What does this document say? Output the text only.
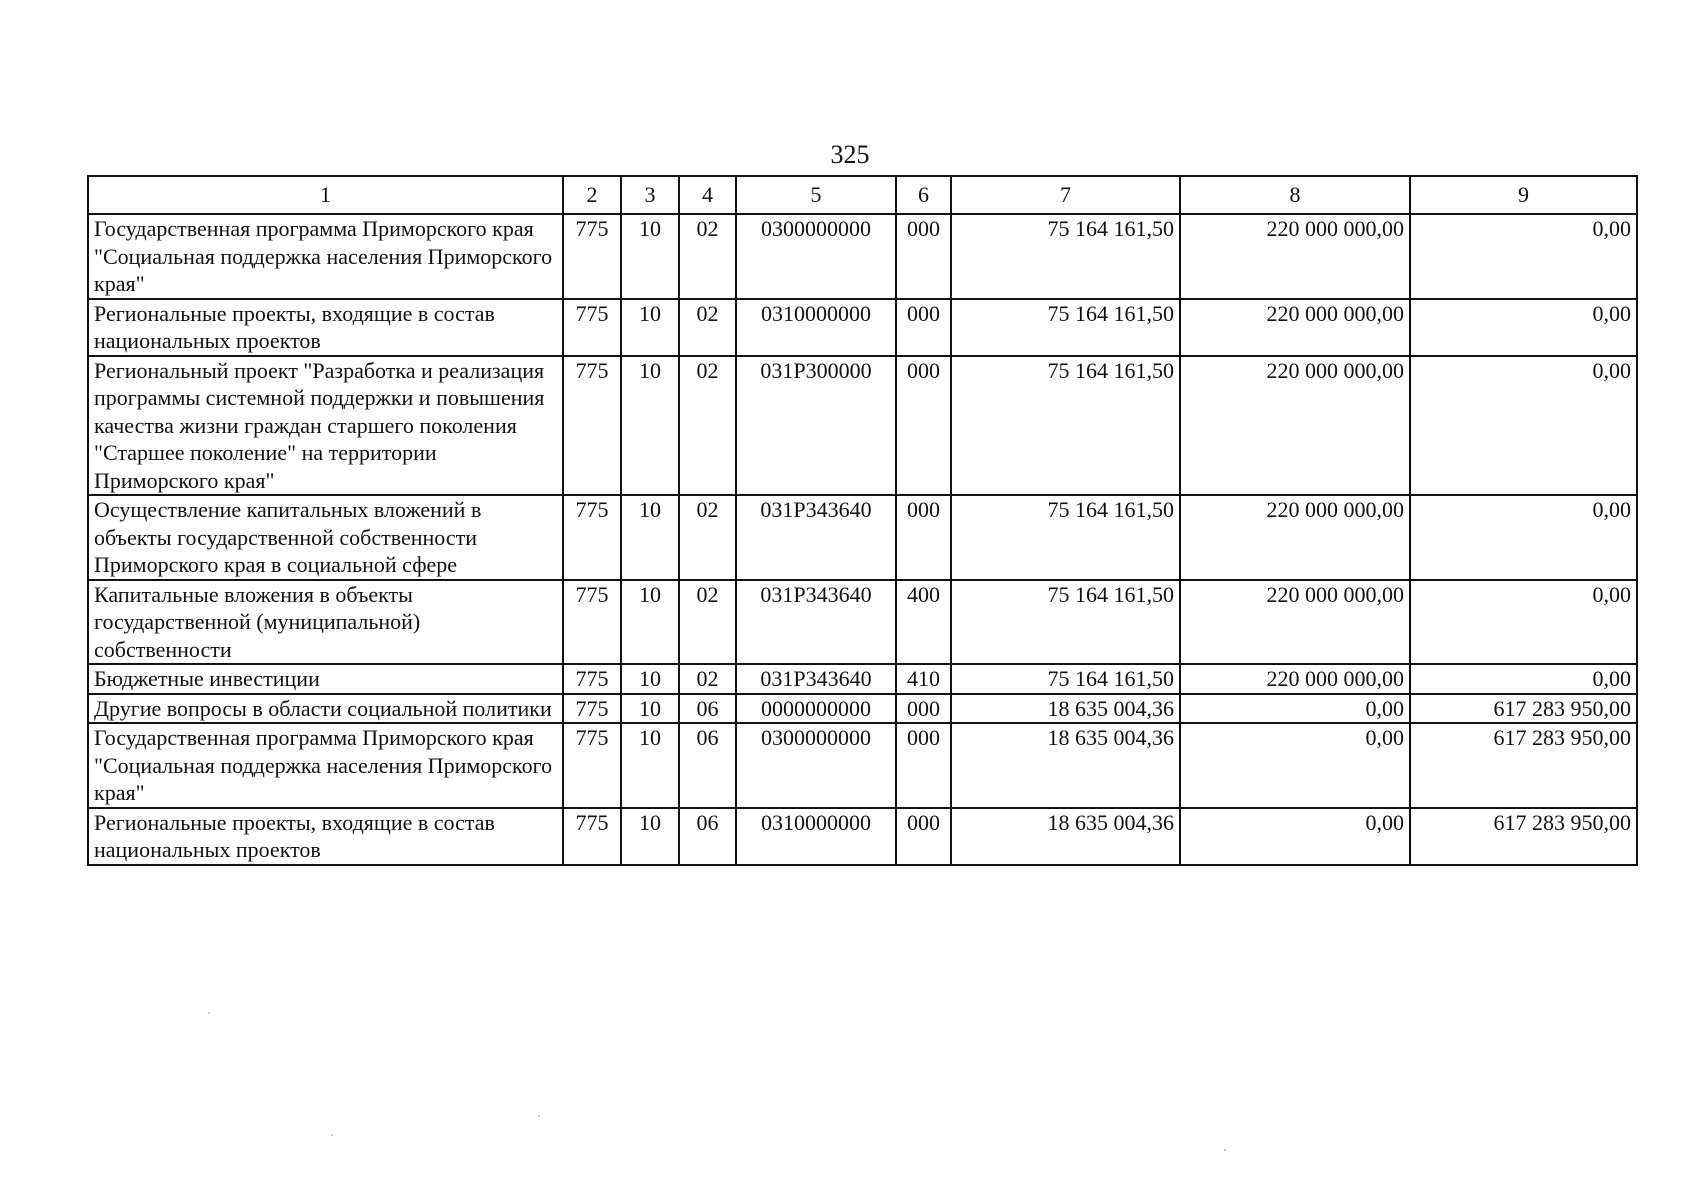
325
1	2	3	4	5	6	7	8	9
Государственная программа Приморского края "Социальная поддержка населения Приморского края"	775	10	02	0300000000	000	75 164 161,50	220 000 000,00	0,00
Региональные проекты, входящие в состав национальных проектов	775	10	02	0310000000	000	75 164 161,50	220 000 000,00	0,00
Региональный проект "Разработка и реализация программы системной поддержки и повышения качества жизни граждан старшего поколения "Старшее поколение" на территории Приморского края"	775	10	02	031P300000	000	75 164 161,50	220 000 000,00	0,00
Осуществление капитальных вложений в объекты государственной собственности Приморского края в социальной сфере	775	10	02	031P343640	000	75 164 161,50	220 000 000,00	0,00
Капитальные вложения в объекты государственной (муниципальной) собственности	775	10	02	031P343640	400	75 164 161,50	220 000 000,00	0,00
Бюджетные инвестиции	775	10	02	031P343640	410	75 164 161,50	220 000 000,00	0,00
Другие вопросы в области социальной политики	775	10	06	0000000000	000	18 635 004,36	0,00	617 283 950,00
Государственная программа Приморского края "Социальная поддержка населения Приморского края"	775	10	06	0300000000	000	18 635 004,36	0,00	617 283 950,00
Региональные проекты, входящие в состав национальных проектов	775	10	06	0310000000	000	18 635 004,36	0,00	617 283 950,00
